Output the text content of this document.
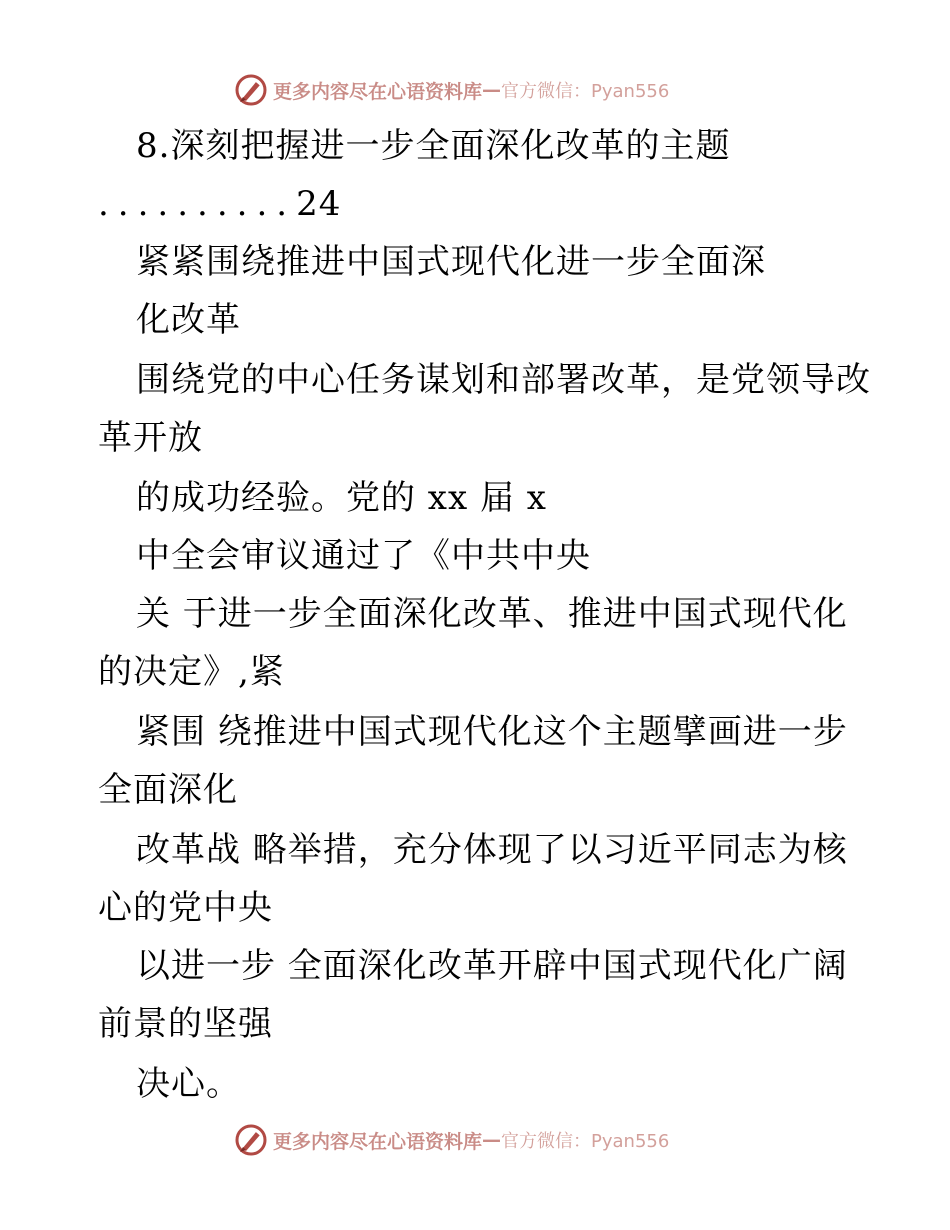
更多内容尽在心语资料库 — 官方微信：Pyan556
8.深刻把握进一步全面深化改革的主题
..........24
紧紧围绕推进中国式现代化进一步全面深
化改革
围绕党的中心任务谋划和部署改革，是党领导改
革开放
的成功经验。党的 xx 届 x
中全会审议通过了《中共中央
关 于进一步全面深化改革、推进中国式现代化
的决定》,紧
紧围 绕推进中国式现代化这个主题擘画进一步
全面深化
改革战 略举措，充分体现了以习近平同志为核
心的党中央
以进一步 全面深化改革开辟中国式现代化广阔
前景的坚强
决心。
更多内容尽在心语资料库 — 官方微信：Pyan556
